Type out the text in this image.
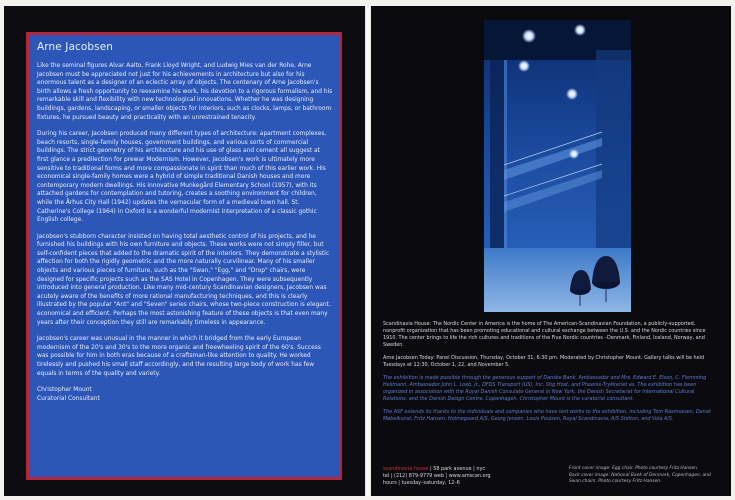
Arne Jacobsen

Like the seminal figures Alvar Aalto, Frank Lloyd Wright, and Ludwig Mies van der Rohe, Arne Jacobsen must be appreciated not just for his achievements in architecture but also for his enormous talent as a designer of an eclectic array of objects. The centenary of Arne Jacobsen's birth allows a fresh opportunity to reexamine his work, his devotion to a rigorous formalism, and his remarkable skill and flexibility with new technological innovations. Whether he was designing buildings, gardens, landscaping, or smaller objects for interiors, such as clocks, lamps, or bathroom fixtures, he pursued beauty and practicality with an unrestrained tenacity.

During his career, Jacobsen produced many different types of architecture: apartment complexes, beach resorts, single-family houses, government buildings, and various sorts of commercial buildings. The strict geometry of his architecture and his use of glass and cement all suggest at first glance a predilection for prewar Modernism. However, Jacobsen's work is ultimately more sensitive to traditional forms and more compassionate in spirit than much of this earlier work. His economical single-family homes were a hybrid of simple traditional Danish houses and more contemporary modern dwellings. His innovative Munkegård Elementary School (1957), with its attached gardens for contemplation and tutoring, creates a soothing environment for children, while the Århus City Hall (1942) updates the vernacular form of a medieval town hall. St. Catherine's College (1964) in Oxford is a wonderful modernist interpretation of a classic gothic English college.

Jacobsen's stubborn character insisted on having total aesthetic control of his projects, and he furnished his buildings with his own furniture and objects. These works were not simply filler, but self-confident pieces that added to the dramatic spirit of the interiors. They demonstrate a stylistic affection for both the rigidly geometric and the more naturally curvilinear. Many of his smaller objects and various pieces of furniture, such as the "Swan," "Egg," and "Drop" chairs, were designed for specific projects such as the SAS Hotel in Copenhagen. They were subsequently introduced into general production. Like many mid-century Scandinavian designers, Jacobsen was acutely aware of the benefits of more rational manufacturing techniques, and this is clearly illustrated by the popular "Ant" and "Seven" series chairs, whose two-piece construction is elegant, economical and efficient. Perhaps the most astonishing feature of these objects is that even many years after their conception they still are remarkably timeless in appearance.

Jacobsen's career was unusual in the manner in which it bridged from the early European modernism of the 20's and 30's to the more organic and freewheeling spirit of the 60's. Success was possible for him in both eras because of a craftsman-like attention to quality. He worked tirelessly and pushed his small staff accordingly, and the resulting large body of work has few equals in terms of the quality and variety.

Christopher Mount
Curatorial Consultant

Scandinavia House: The Nordic Center in America is the home of The American-Scandinavian Foundation, a publicly-supported, nonprofit organization that has been promoting educational and cultural exchange between the U.S. and the Nordic countries since 1910. The center brings to life the rich cultures and traditions of the Five Nordic countries –Denmark, Finland, Iceland, Norway, and Sweden.

Arne Jacobsen Today: Panel Discussion, Thursday, October 31, 6:30 pm. Moderated by Christopher Mount. Gallery talks will be held Tuesdays at 12:30, October 1, 22, and November 5.

The exhibition is made possible through the generous support of Danske Bank, Ambassador and Mrs. Edward E. Elson, C. Flemming Heilmann, Ambassador John L. Loeb, Jr., DFDS Transport (US), Inc. Stig Host, and Phoenix-Trykkeriet as. The exhibition has been organized in association with the Royal Danish Consulate General in New York, the Danish Secretariat for International Cultural Relations, and the Danish Design Centre, Copenhagen. Christopher Mount is the curatorial consultant.

The ASF extends its thanks to the individuals and companies who have lent works to the exhibition, including Tom Rasmussen, Dansk Møbelkunst, Fritz Hansen, Holmegaard A/S, Georg Jensen, Louis Poulsen, Royal Scandinavia, A/S Stelton, and Vola A/S.

scandinavia house | 58 park avenue | nyc
tel | (212) 879-9779 web | www.amscan.org
hours | tuesday–saturday, 12–6
Front cover image: Egg chair. Photo courtesy Fritz Hansen.
Back cover image: National Bank of Denmark, Copenhagen, and Swan chairs. Photo courtesy Fritz Hansen.
